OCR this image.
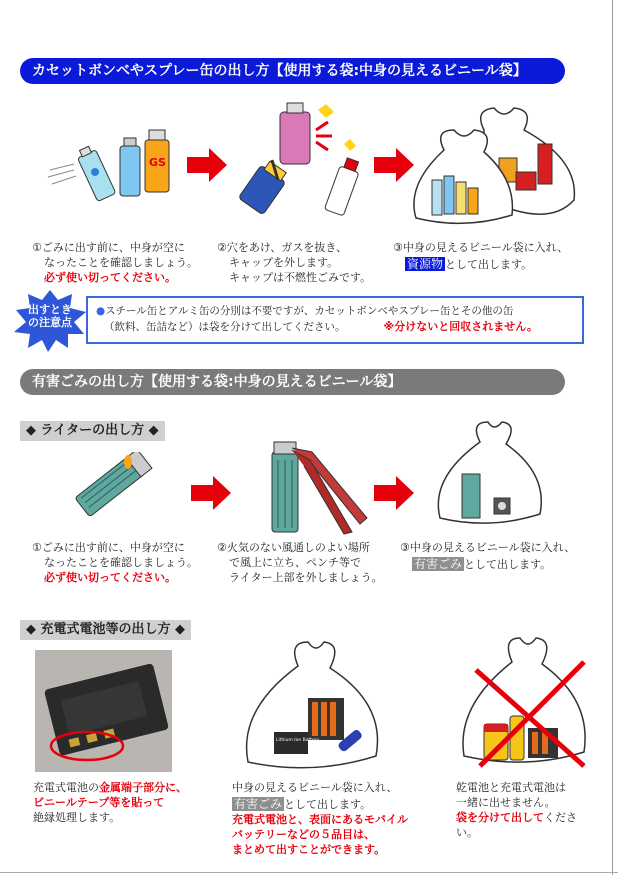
カセットボンベやスプレー缶の出し方【使用する袋:中身の見えるビニール袋】
GS
①ごみに出す前に、中身が空に
なったことを確認しましょう。
必ず使い切ってください。
②穴をあけ、ガスを抜き、
キャップを外します。
キャップは不燃性ごみです。
③中身の見えるビニール袋に入れ、
資源物 として出します。
出すとき
の注意点
●スチール缶とアルミ缶の分別は不要ですが、カセットボンベやスプレー缶とその他の缶
（飲料、缶詰など）は袋を分けて出してください。	※分けないと回収されません。
有害ごみの出し方【使用する袋:中身の見えるビニール袋】
◆ ライターの出し方 ◆
①ごみに出す前に、中身が空に
なったことを確認しましょう。
必ず使い切ってください。
②火気のない風通しのよい場所
で風上に立ち、ペンチ等で
ライター上部を外しましょう。
③中身の見えるビニール袋に入れ、
有害ごみ として出します。
◆ 充電式電池等の出し方 ◆
Lithium Ion Battery
充電式電池の金属端子部分に、
ビニールテープ等を貼って
絶縁処理します。
中身の見えるビニール袋に入れ、
有害ごみ として出します。
充電式電池と、表面にあるモバイル
バッテリーなどの５品目は、
まとめて出すことができます。
乾電池と充電式電池は
一緒に出せません。
袋を分けて出してくださ
い。
